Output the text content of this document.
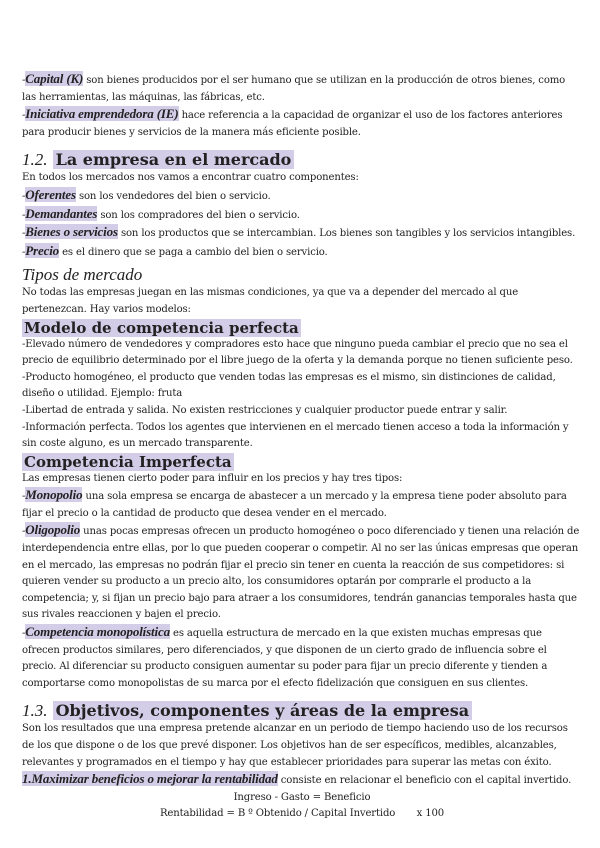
-Capital (K) son bienes producidos por el ser humano que se utilizan en la producción de otros bienes, como las herramientas, las máquinas, las fábricas, etc.

-Iniciativa emprendedora (IE) hace referencia a la capacidad de organizar el uso de los factores anteriores para producir bienes y servicios de la manera más eficiente posible.

1.2. La empresa en el mercado

En todos los mercados nos vamos a encontrar cuatro componentes:

-Oferentes son los vendedores del bien o servicio.

-Demandantes son los compradores del bien o servicio.

-Bienes o servicios son los productos que se intercambian. Los bienes son tangibles y los servicios intangibles.

-Precio es el dinero que se paga a cambio del bien o servicio.

Tipos de mercado

No todas las empresas juegan en las mismas condiciones, ya que va a depender del mercado al que pertenezcan. Hay varios modelos:

Modelo de competencia perfecta

-Elevado número de vendedores y compradores esto hace que ninguno pueda cambiar el precio que no sea el precio de equilibrio determinado por el libre juego de la oferta y la demanda porque no tienen suficiente peso.

-Producto homogéneo, el producto que venden todas las empresas es el mismo, sin distinciones de calidad, diseño o utilidad. Ejemplo: fruta

-Libertad de entrada y salida. No existen restricciones y cualquier productor puede entrar y salir.

-Información perfecta. Todos los agentes que intervienen en el mercado tienen acceso a toda la información y sin coste alguno, es un mercado transparente.

Competencia Imperfecta

Las empresas tienen cierto poder para influir en los precios y hay tres tipos:

-Monopolio una sola empresa se encarga de abastecer a un mercado y la empresa tiene poder absoluto para fijar el precio o la cantidad de producto que desea vender en el mercado.

-Oligopolio unas pocas empresas ofrecen un producto homogéneo o poco diferenciado y tienen una relación de interdependencia entre ellas, por lo que pueden cooperar o competir. Al no ser las únicas empresas que operan en el mercado, las empresas no podrán fijar el precio sin tener en cuenta la reacción de sus competidores: si quieren vender su producto a un precio alto, los consumidores optarán por comprarle el producto a la competencia; y, si fijan un precio bajo para atraer a los consumidores, tendrán ganancias temporales hasta que sus rivales reaccionen y bajen el precio.

-Competencia monopolística es aquella estructura de mercado en la que existen muchas empresas que ofrecen productos similares, pero diferenciados, y que disponen de un cierto grado de influencia sobre el precio. Al diferenciar su producto consiguen aumentar su poder para fijar un precio diferente y tienden a comportarse como monopolistas de su marca por el efecto fidelización que consiguen en sus clientes.

1.3. Objetivos, componentes y áreas de la empresa

Son los resultados que una empresa pretende alcanzar en un periodo de tiempo haciendo uso de los recursos de los que dispone o de los que prevé disponer. Los objetivos han de ser específicos, medibles, alcanzables, relevantes y programados en el tiempo y hay que establecer prioridades para superar las metas con éxito.

1.Maximizar beneficios o mejorar la rentabilidad consiste en relacionar el beneficio con el capital invertido.

Ingreso - Gasto = Beneficio

Rentabilidad = B º Obtenido / Capital Invertido       x 100
